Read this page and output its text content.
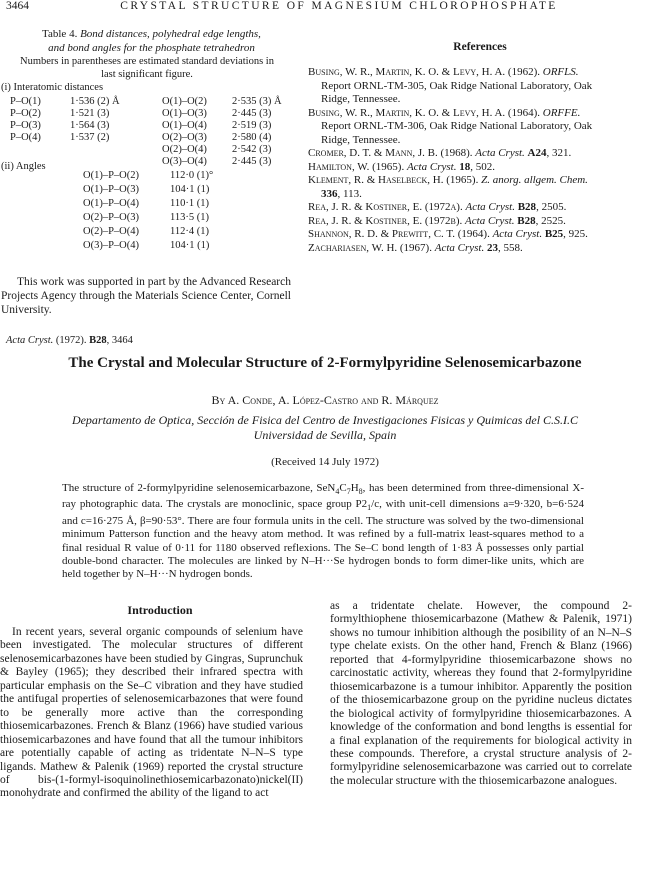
3464	CRYSTAL STRUCTURE OF MAGNESIUM CHLOROPHOSPHATE
Table 4. Bond distances, polyhedral edge lengths,
and bond angles for the phosphate tetrahedron
Numbers in parentheses are estimated standard deviations in
last significant figure.
(i) Interatomic distances
P–O(1)	1·536 (2) Å	O(1)–O(2) 2·535 (3) Å
P–O(2)	1·521 (3)	O(1)–O(3) 2·445 (3)
P–O(3)	1·564 (3)	O(1)–O(4) 2·519 (3)
P–O(4)	1·537 (2)	O(2)–O(3) 2·580 (4)
O(2)–O(4) 2·542 (3)
O(3)–O(4) 2·445 (3)
(ii) Angles
O(1)–P–O(2)	112·0 (1)°
O(1)–P–O(3)	104·1 (1)
O(1)–P–O(4)	110·1 (1)
O(2)–P–O(3)	113·5 (1)
O(2)–P–O(4)	112·4 (1)
O(3)–P–O(4)	104·1 (1)

This work was supported in part by the Advanced Research Projects Agency through the Materials Science Center, Cornell University.

References

Busing, W. R., Martin, K. O. & Levy, H. A. (1962). ORFLS. Report ORNL-TM-305, Oak Ridge National Laboratory, Oak Ridge, Tennessee.

Busing, W. R., Martin, K. O. & Levy, H. A. (1964). ORFFE. Report ORNL-TM-306, Oak Ridge National Laboratory, Oak Ridge, Tennessee.

Cromer, D. T. & Mann, J. B. (1968). Acta Cryst. A24, 321.

Hamilton, W. (1965). Acta Cryst. 18, 502.

Klement, R. & Haselbeck, H. (1965). Z. anorg. allgem. Chem. 336, 113.

Rea, J. R. & Kostiner, E. (1972a). Acta Cryst. B28, 2505.

Rea, J. R. & Kostiner, E. (1972b). Acta Cryst. B28, 2525.

Shannon, R. D. & Prewitt, C. T. (1964). Acta Cryst. B25, 925.

Zachariasen, W. H. (1967). Acta Cryst. 23, 558.

Acta Cryst. (1972). B28, 3464
The Crystal and Molecular Structure of 2-Formylpyridine Selenosemicarbazone
By A. Conde, A. López-Castro and R. Márquez
Departamento de Optica, Sección de Fisica del Centro de Investigaciones Fisicas y Quimicas del C.S.I.C Universidad de Sevilla, Spain
(Received 14 July 1972)
The structure of 2-formylpyridine selenosemicarbazone, $SeN_4C_7H_8$, has been determined from three-dimensional X-ray photographic data. The crystals are monoclinic, space group $P2_1/c$, with unit-cell dimensions a=9·320, b=6·524 and c=16·275 Å, β=90·53°. There are four formula units in the cell. The structure was solved by the two-dimensional minimum Patterson function and the heavy atom method. It was refined by a full-matrix least-squares method to a final residual R value of 0·11 for 1180 observed reflexions. The Se–C bond length of 1·83 Å possesses only partial double-bond character. The molecules are linked by N–H···Se hydrogen bonds to form dimer-like units, which are held together by N–H···N hydrogen bonds.
Introduction
In recent years, several organic compounds of selenium have been investigated. The molecular structures of different selenosemicarbazones have been studied by Gingras, Suprunchuk & Bayley (1965); they described their infrared spectra with particular emphasis on the Se–C vibration and they have studied the antifugal properties of selenosemicarbazones that were found to be generally more active than the corresponding thiosemicarbazones. French & Blanz (1966) have studied various thiosemicarbazones and have found that all the tumour inhibitors are potentially capable of acting as tridentate N–N–S type ligands. Mathew & Palenik (1969) reported the crystal structure of bis-(1-formyl-isoquinolinethiosemicarbazonato)nickel(II) monohydrate and confirmed the ability of the ligand to act
as a tridentate chelate. However, the compound 2-formylthiophene thiosemicarbazone (Mathew & Palenik, 1971) shows no tumour inhibition although the posibility of an N–N–S type chelate exists. On the other hand, French & Blanz (1966) reported that 4-formylpyridine thiosemicarbazone shows no carcinostatic activity, whereas they found that 2-formylpyridine thiosemicarbazone is a tumour inhibitor. Apparently the position of the thiosemicarbazone group on the pyridine nucleus dictates the biological activity of formylpyridine thiosemicarbazones. A knowledge of the conformation and bond lengths is essential for a final explanation of the requirements for biological activity in these compounds. Therefore, a crystal structure analysis of 2-formylpyridine selenosemicarbazone was carried out to correlate the molecular structure with the thiosemicarbazone analogues.
